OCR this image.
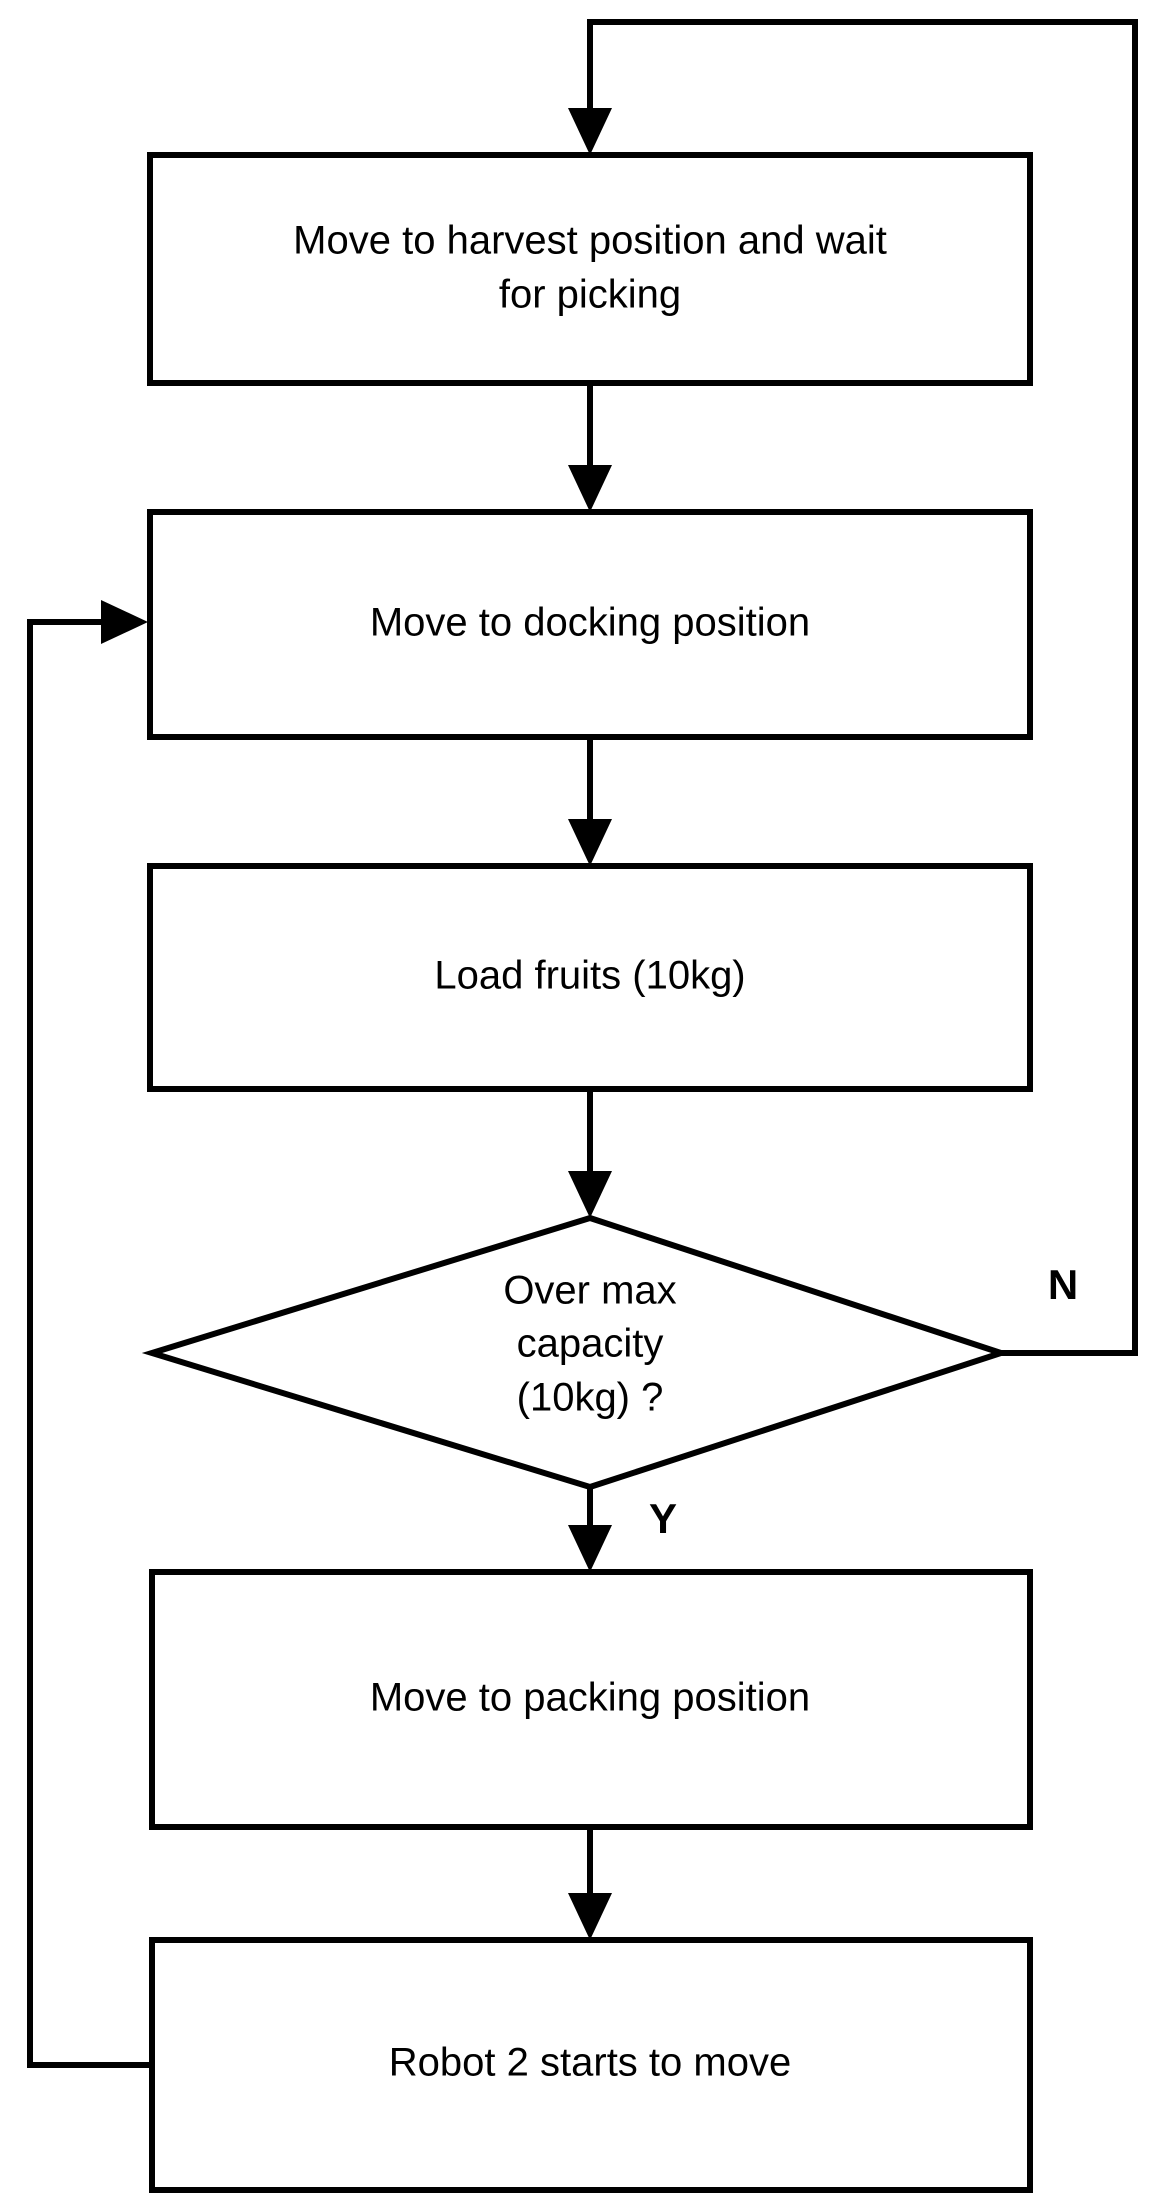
Move to harvest position and wait
for picking
Move to docking position
Load fruits (10kg)
Over max
capacity
(10kg) ?
N
Y
Move to packing position
Robot 2 starts to move
